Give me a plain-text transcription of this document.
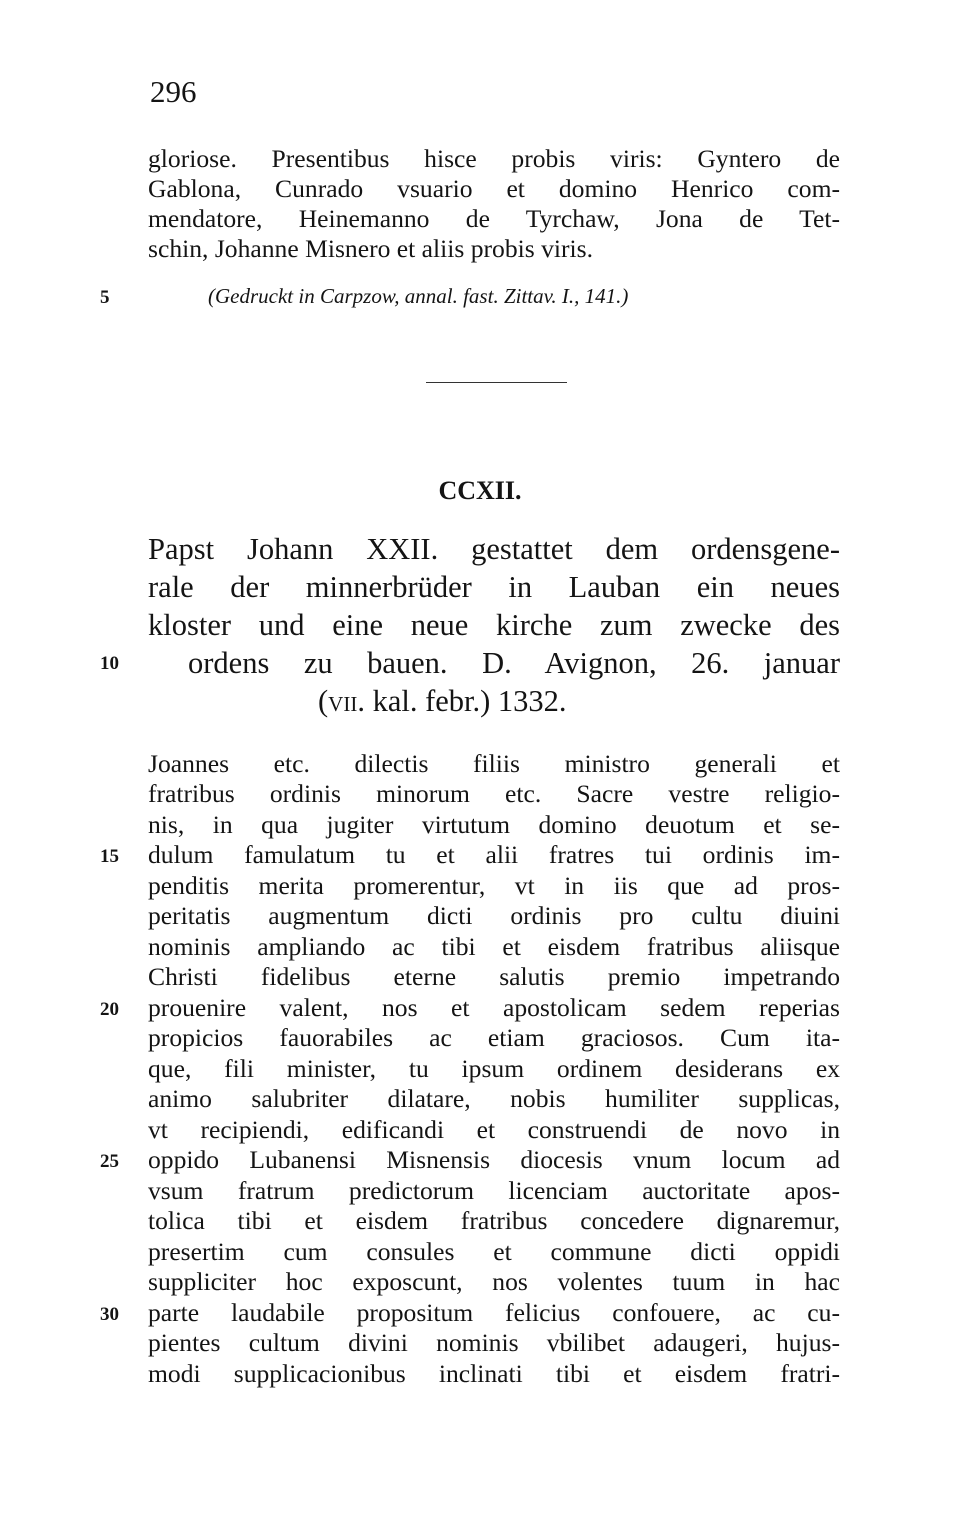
296
gloriose. Presentibus hisce probis viris: Gyntero de
Gablona, Cunrado vsuario et domino Henrico com-
mendatore, Heinemanno de Tyrchaw, Jona de Tet-
schin, Johanne Misnero et aliis probis viris.
5	(Gedruckt in Carpzow, annal. fast. Zittav. I., 141.)
CCXII.
Papst Johann XXII. gestattet dem ordensgene-
rale der minnerbrüder in Lauban ein neues
kloster und eine neue kirche zum zwecke des
ordens zu bauen. D. Avignon, 26. januar
10
(vii. kal. febr.) 1332.
Joannes etc. dilectis filiis ministro generali et
fratribus ordinis minorum etc. Sacre vestre religio-
nis, in qua jugiter virtutum domino deuotum et se-
dulum famulatum tu et alii fratres tui ordinis im-
15
penditis merita promerentur, vt in iis que ad pros-
peritatis augmentum dicti ordinis pro cultu diuini
nominis ampliando ac tibi et eisdem fratribus aliisque
Christi fidelibus eterne salutis premio impetrando
prouenire valent, nos et apostolicam sedem reperias
20
propicios fauorabiles ac etiam graciosos. Cum ita-
que, fili minister, tu ipsum ordinem desiderans ex
animo salubriter dilatare, nobis humiliter supplicas,
vt recipiendi, edificandi et construendi de novo in
oppido Lubanensi Misnensis diocesis vnum locum ad
25
vsum fratrum predictorum licenciam auctoritate apos-
tolica tibi et eisdem fratribus concedere dignaremur,
presertim cum consules et commune dicti oppidi
suppliciter hoc exposcunt, nos volentes tuum in hac
parte laudabile propositum felicius confouere, ac cu-
30
pientes cultum divini nominis vbilibet adaugeri, hujus-
modi supplicacionibus inclinati tibi et eisdem fratri-
